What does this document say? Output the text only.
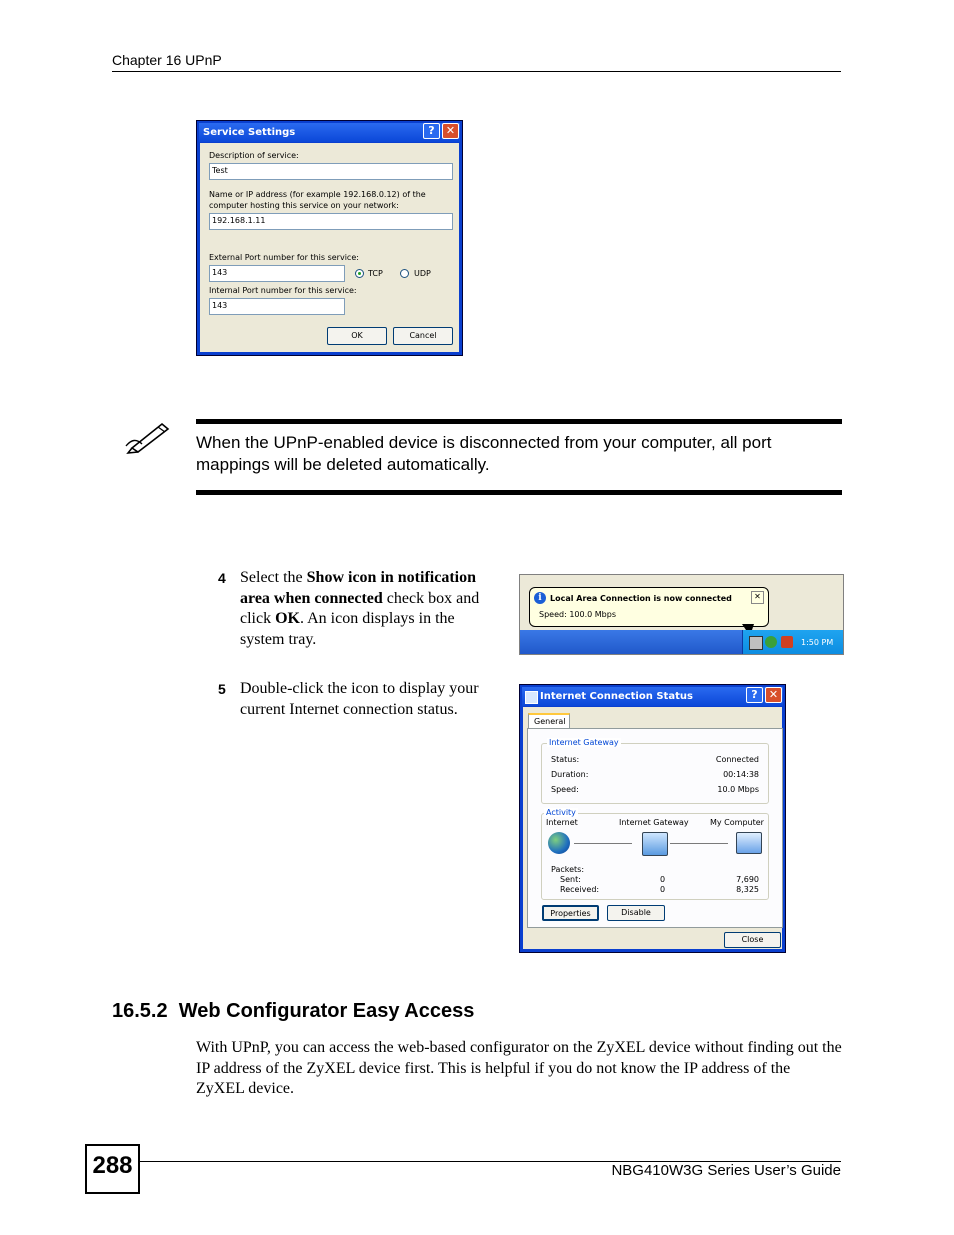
Chapter 16 UPnP
Service Settings	?	✕
Description of service:
Test
Name or IP address (for example 192.168.0.12) of the
computer hosting this service on your network:
192.168.1.11
External Port number for this service:
143	TCP	UDP
Internal Port number for this service:
143
OK	Cancel
When the UPnP-enabled device is disconnected from your computer, all port mappings will be deleted automatically.
4 Select the Show icon in notification area when connected check box and click OK. An icon displays in the system tray.
i	Local Area Connection is now connected
Speed: 100.0 Mbps
✕
1:50 PM
5 Double-click the icon to display your current Internet connection status.
Internet Connection Status	?	✕
General
Internet Gateway
Status:	Connected
Duration:	00:14:38
Speed:	10.0 Mbps
Activity
Internet	Internet Gateway	My Computer
Packets:
Sent:	0	7,690
Received:	0	8,325
Properties	Disable
Close
16.5.2  Web Configurator Easy Access
With UPnP, you can access the web-based configurator on the ZyXEL device without finding out the IP address of the ZyXEL device first. This is helpful if you do not know the IP address of the ZyXEL device.
288	NBG410W3G Series User’s Guide
